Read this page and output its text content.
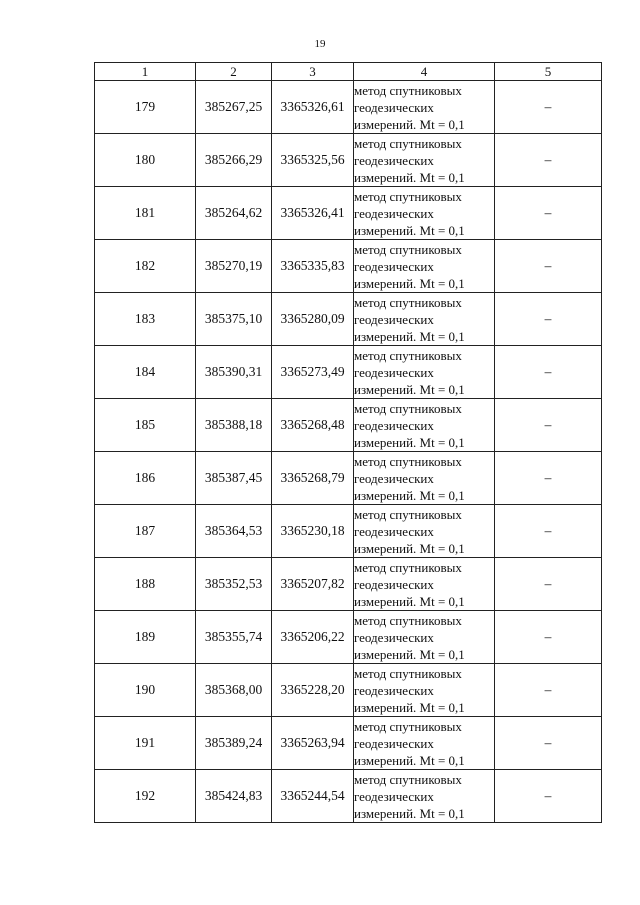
19
1	2	3	4	5
179	385267,25	3365326,61	метод спутниковых
геодезических
измерений. Mt = 0,1	–
180	385266,29	3365325,56	метод спутниковых
геодезических
измерений. Mt = 0,1	–
181	385264,62	3365326,41	метод спутниковых
геодезических
измерений. Mt = 0,1	–
182	385270,19	3365335,83	метод спутниковых
геодезических
измерений. Mt = 0,1	–
183	385375,10	3365280,09	метод спутниковых
геодезических
измерений. Mt = 0,1	–
184	385390,31	3365273,49	метод спутниковых
геодезических
измерений. Mt = 0,1	–
185	385388,18	3365268,48	метод спутниковых
геодезических
измерений. Mt = 0,1	–
186	385387,45	3365268,79	метод спутниковых
геодезических
измерений. Mt = 0,1	–
187	385364,53	3365230,18	метод спутниковых
геодезических
измерений. Mt = 0,1	–
188	385352,53	3365207,82	метод спутниковых
геодезических
измерений. Mt = 0,1	–
189	385355,74	3365206,22	метод спутниковых
геодезических
измерений. Mt = 0,1	–
190	385368,00	3365228,20	метод спутниковых
геодезических
измерений. Mt = 0,1	–
191	385389,24	3365263,94	метод спутниковых
геодезических
измерений. Mt = 0,1	–
192	385424,83	3365244,54	метод спутниковых
геодезических
измерений. Mt = 0,1	–
